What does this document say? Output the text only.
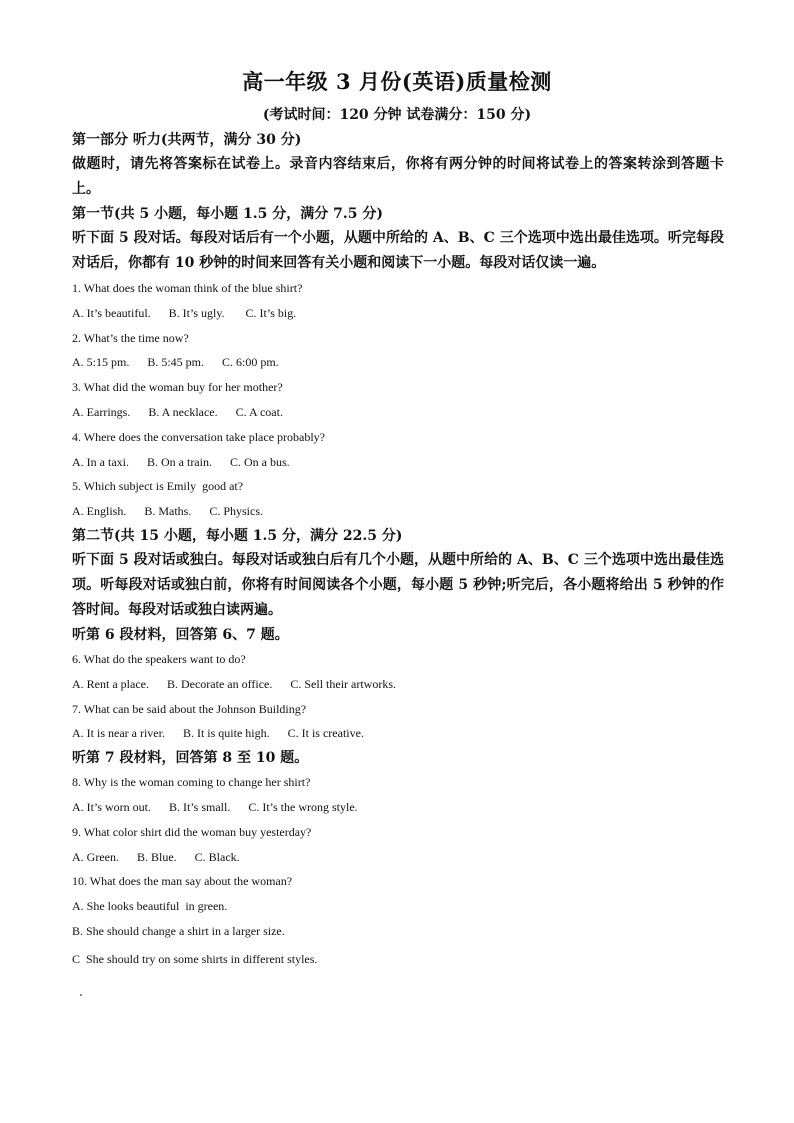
高一年级 3 月份(英语)质量检测
(考试时间：120 分钟 试卷满分：150 分)
第一部分 听力(共两节，满分 30 分)

做题时，请先将答案标在试卷上。录音内容结束后，你将有两分钟的时间将试卷上的答案转涂到答题卡上。

第一节(共 5 小题，每小题 1.5 分，满分 7.5 分)

听下面 5 段对话。每段对话后有一个小题，从题中所给的 A、B、C 三个选项中选出最佳选项。听完每段对话后，你都有 10 秒钟的时间来回答有关小题和阅读下一小题。每段对话仅读一遍。

1. What does the woman think of the blue shirt?

A. It’s beautiful.      B. It’s ugly.       C. It’s big.

2. What’s the time now?

A. 5:15 pm.      B. 5:45 pm.      C. 6:00 pm.

3. What did the woman buy for her mother?

A. Earrings.      B. A necklace.      C. A coat.

4. Where does the conversation take place probably?

A. In a taxi.      B. On a train.      C. On a bus.

5. Which subject is Emily  good at?

A. English.      B. Maths.      C. Physics.

第二节(共 15 小题，每小题 1.5 分，满分 22.5 分)

听下面 5 段对话或独白。每段对话或独白后有几个小题，从题中所给的 A、B、C 三个选项中选出最佳选项。听每段对话或独白前，你将有时间阅读各个小题，每小题 5 秒钟;听完后，各小题将给出 5 秒钟的作答时间。每段对话或独白读两遍。

听第 6 段材料，回答第 6、7 题。

6. What do the speakers want to do?

A. Rent a place.      B. Decorate an office.      C. Sell their artworks.

7. What can be said about the Johnson Building?

A. It is near a river.      B. It is quite high.      C. It is creative.

听第 7 段材料，回答第 8 至 10 题。

8. Why is the woman coming to change her shirt?

A. It’s worn out.      B. It’s small.      C. It’s the wrong style.

9. What color shirt did the woman buy yesterday?

A. Green.      B. Blue.      C. Black.

10. What does the man say about the woman?

A. She looks beautiful  in green.

B. She should change a shirt in a larger size.

C  She should try on some shirts in different styles.
